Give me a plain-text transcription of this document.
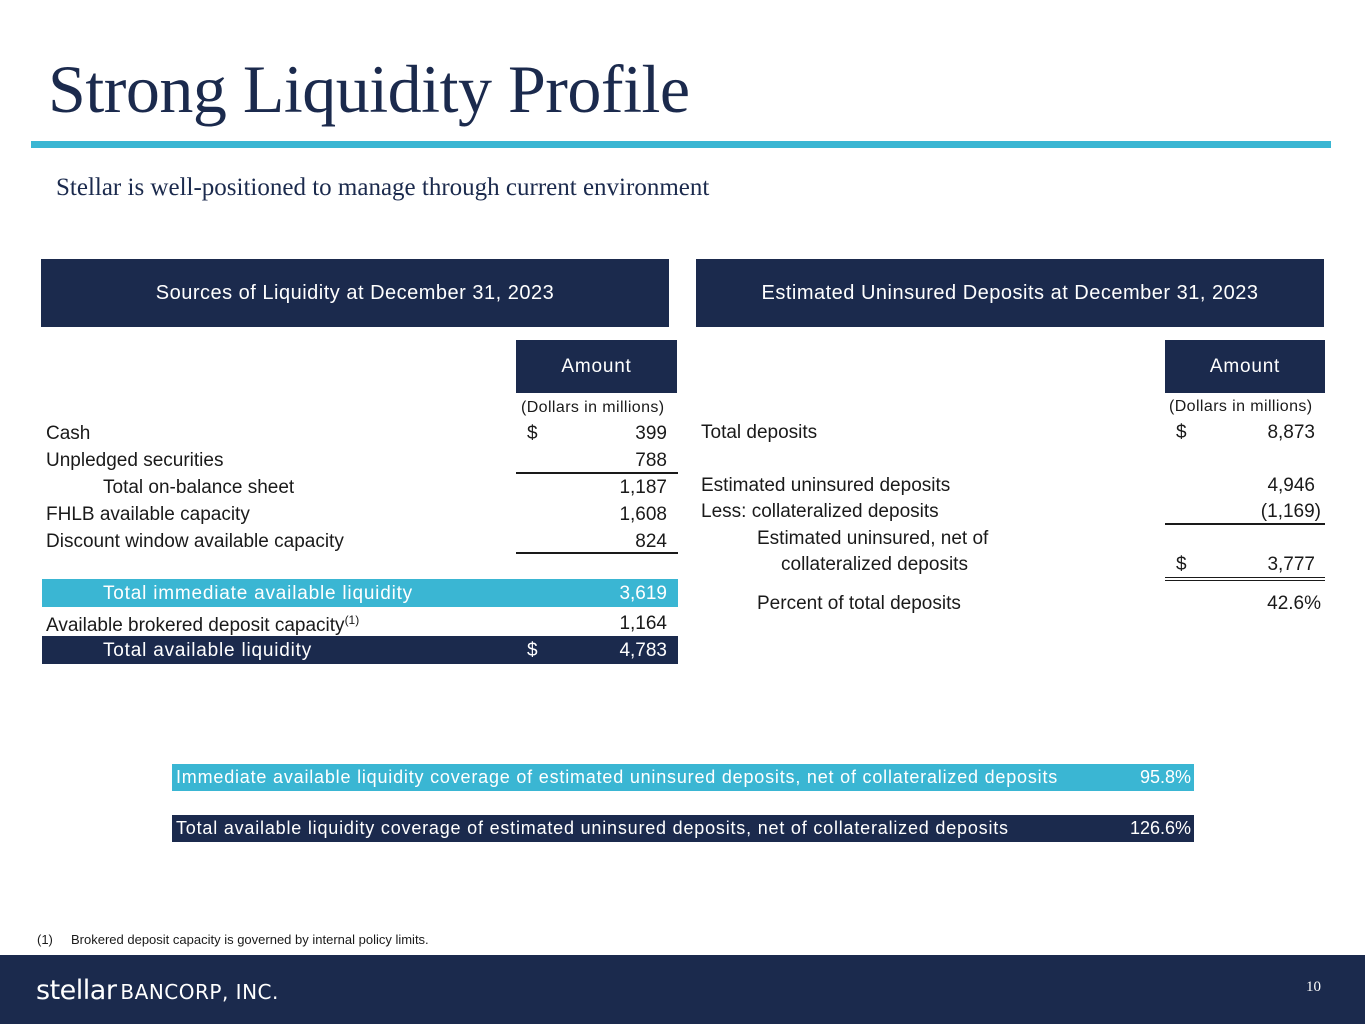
Strong Liquidity Profile
Stellar is well-positioned to manage through current environment
Sources of Liquidity at December 31, 2023
Amount
(Dollars in millions)
Cash	$	399
Unpledged securities	788
Total on-balance sheet	1,187
FHLB available capacity	1,608
Discount window available capacity	824
Total immediate available liquidity	3,619
Available brokered deposit capacity$^{(1)}$	1,164
Total available liquidity	$	4,783
Estimated Uninsured Deposits at December 31, 2023
Amount
(Dollars in millions)
Total deposits	$	8,873
Estimated uninsured deposits	4,946
Less: collateralized deposits	(1,169)
Estimated uninsured, net of
collateralized deposits	$	3,777
Percent of total deposits	42.6%
Immediate available liquidity coverage of estimated uninsured deposits, net of collateralized deposits	95.8%
Total available liquidity coverage of estimated uninsured deposits, net of collateralized deposits	126.6%
(1) Brokered deposit capacity is governed by internal policy limits.
stellar BANCORP, INC.	10
